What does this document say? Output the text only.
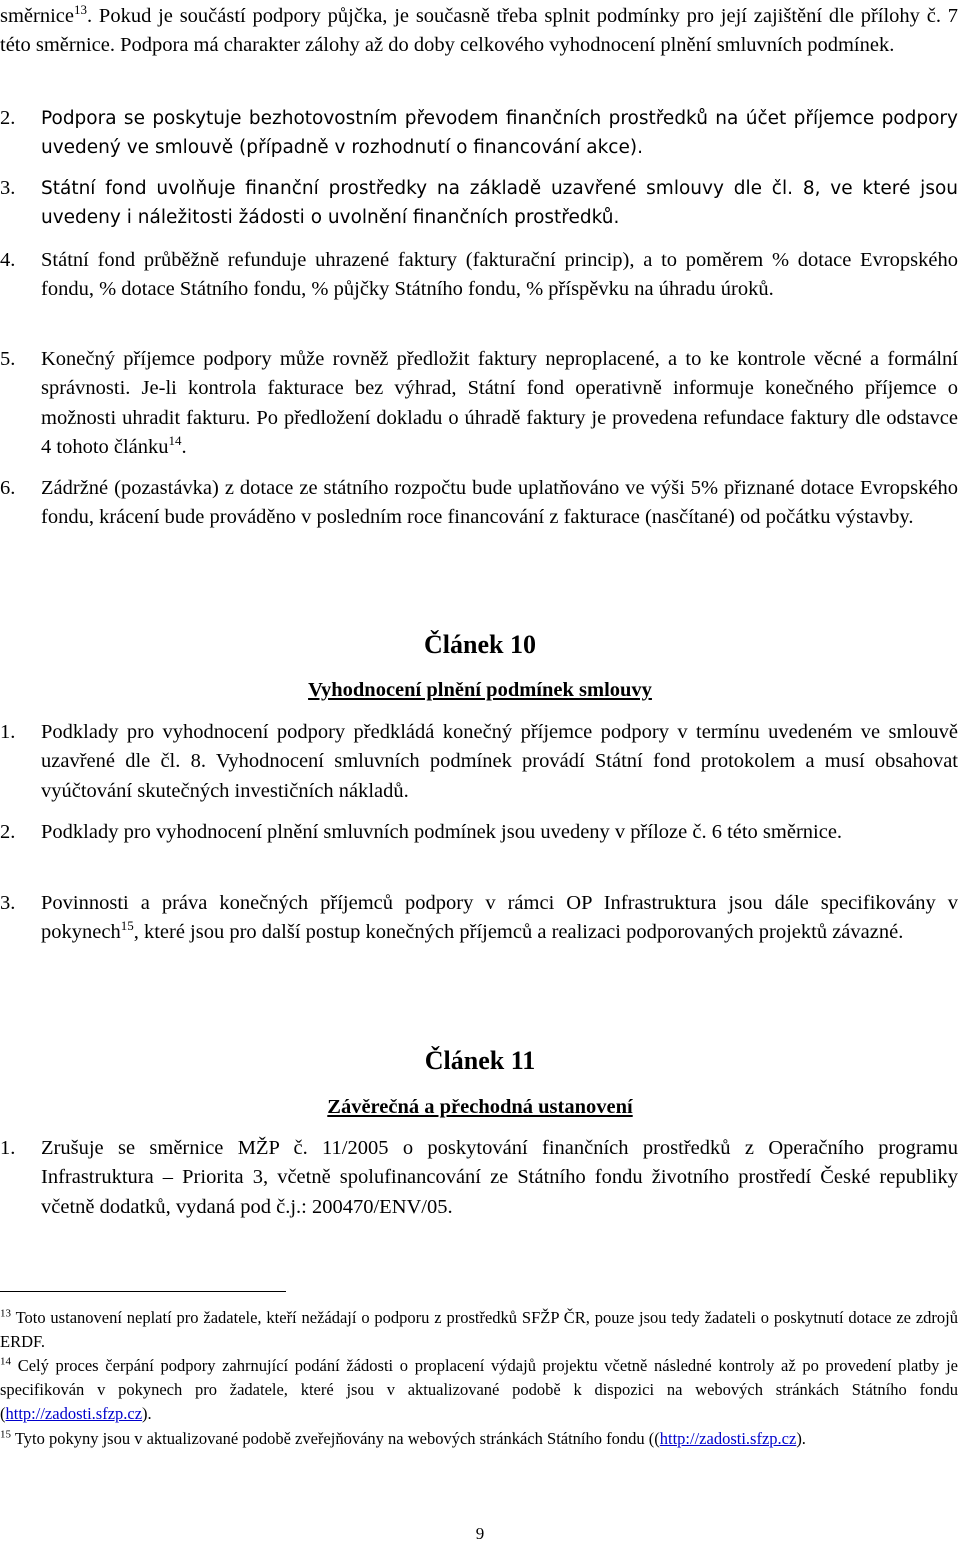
směrnice$^{13}$. Pokud je součástí podpory půjčka, je současně třeba splnit podmínky pro její zajištění dle přílohy č. 7 této směrnice. Podpora má charakter zálohy až do doby celkového vyhodnocení plnění smluvních podmínek.

2. Podpora se poskytuje bezhotovostním převodem finančních prostředků na účet příjemce podpory uvedený ve smlouvě (případně v rozhodnutí o financování akce).

3. Státní fond uvolňuje finanční prostředky na základě uzavřené smlouvy dle čl. 8, ve které jsou uvedeny i náležitosti žádosti o uvolnění finančních prostředků.

4. Státní fond průběžně refunduje uhrazené faktury (fakturační princip), a to poměrem % dotace Evropského fondu, % dotace Státního fondu, % půjčky Státního fondu, % příspěvku na úhradu úroků.

5. Konečný příjemce podpory může rovněž předložit faktury neproplacené, a to ke kontrole věcné a formální správnosti. Je-li kontrola fakturace bez výhrad, Státní fond operativně informuje konečného příjemce o možnosti uhradit fakturu. Po předložení dokladu o úhradě faktury je provedena refundace faktury dle odstavce 4 tohoto článku$^{14}$.

6. Zádržné (pozastávka) z dotace ze státního rozpočtu bude uplatňováno ve výši 5% přiznané dotace Evropského fondu, krácení bude prováděno v posledním roce financování z fakturace (nasčítané) od počátku výstavby.

Článek 10
Vyhodnocení plnění podmínek smlouvy

1. Podklady pro vyhodnocení podpory předkládá konečný příjemce podpory v termínu uvedeném ve smlouvě uzavřené dle čl. 8. Vyhodnocení smluvních podmínek provádí Státní fond protokolem a musí obsahovat vyúčtování skutečných investičních nákladů.

2. Podklady pro vyhodnocení plnění smluvních podmínek jsou uvedeny v příloze č. 6 této směrnice.

3. Povinnosti a práva konečných příjemců podpory v rámci OP Infrastruktura jsou dále specifikovány v pokynech$^{15}$, které jsou pro další postup konečných příjemců a realizaci podporovaných projektů závazné.

Článek 11
Závěrečná a přechodná ustanovení

1. Zrušuje se směrnice MŽP č. 11/2005 o poskytování finančních prostředků z Operačního programu Infrastruktura – Priorita 3, včetně spolufinancování ze Státního fondu životního prostředí České republiky včetně dodatků, vydaná pod č.j.: 200470/ENV/05.

$^{13}$ Toto ustanovení neplatí pro žadatele, kteří nežádají o podporu z prostředků SFŽP ČR, pouze jsou tedy žadateli o poskytnutí dotace ze zdrojů ERDF.

$^{14}$ Celý proces čerpání podpory zahrnující podání žádosti o proplacení výdajů projektu včetně následné kontroly až po provedení platby je specifikován v pokynech pro žadatele, které jsou v aktualizované podobě k dispozici na webových stránkách Státního fondu (http://zadosti.sfzp.cz).

$^{15}$ Tyto pokyny jsou v aktualizované podobě zveřejňovány na webových stránkách Státního fondu ((http://zadosti.sfzp.cz).

9
